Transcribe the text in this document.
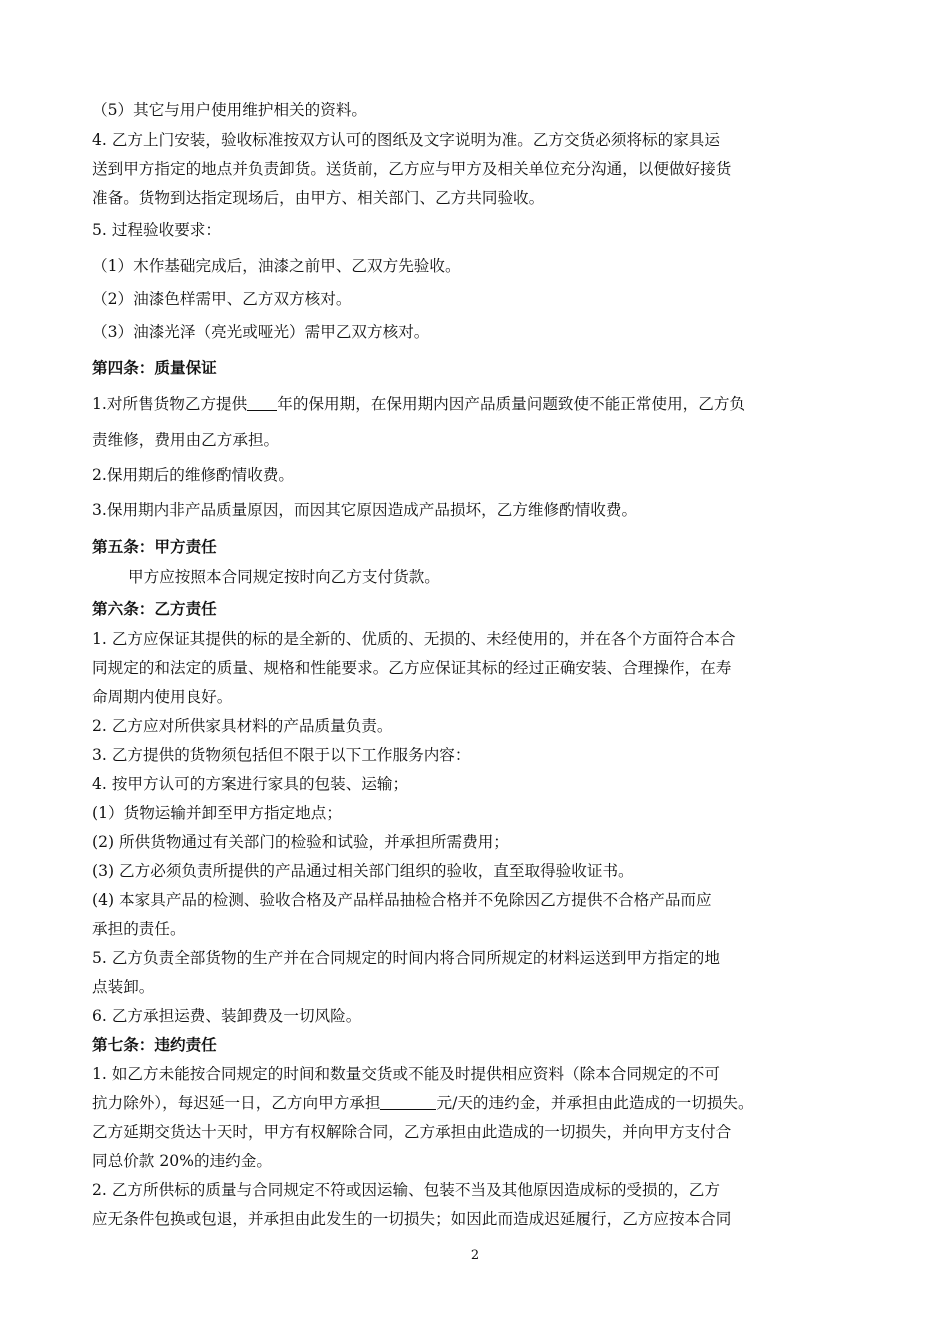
（5）其它与用户使用维护相关的资料。
4. 乙方上门安装，验收标准按双方认可的图纸及文字说明为准。乙方交货必须将标的家具运
送到甲方指定的地点并负责卸货。送货前，乙方应与甲方及相关单位充分沟通，以便做好接货
准备。货物到达指定现场后，由甲方、相关部门、乙方共同验收。
5. 过程验收要求：
（1）木作基础完成后，油漆之前甲、乙双方先验收。
（2）油漆色样需甲、乙方双方核对。
（3）油漆光泽（亮光或哑光）需甲乙双方核对。
第四条：质量保证
1.对所售货物乙方提供 年的保用期，在保用期内因产品质量问题致使不能正常使用，乙方负
责维修，费用由乙方承担。
2.保用期后的维修酌情收费。
3.保用期内非产品质量原因，而因其它原因造成产品损坏，乙方维修酌情收费。
第五条：甲方责任
甲方应按照本合同规定按时向乙方支付货款。
第六条：乙方责任
1. 乙方应保证其提供的标的是全新的、优质的、无损的、未经使用的，并在各个方面符合本合
同规定的和法定的质量、规格和性能要求。乙方应保证其标的经过正确安装、合理操作，在寿
命周期内使用良好。
2. 乙方应对所供家具材料的产品质量负责。
3. 乙方提供的货物须包括但不限于以下工作服务内容：
4. 按甲方认可的方案进行家具的包装、运输；
(1）货物运输并卸至甲方指定地点；
(2) 所供货物通过有关部门的检验和试验，并承担所需费用；
(3) 乙方必须负责所提供的产品通过相关部门组织的验收，直至取得验收证书。
(4) 本家具产品的检测、验收合格及产品样品抽检合格并不免除因乙方提供不合格产品而应
承担的责任。
5. 乙方负责全部货物的生产并在合同规定的时间内将合同所规定的材料运送到甲方指定的地
点装卸。
6. 乙方承担运费、装卸费及一切风险。
第七条：违约责任
1. 如乙方未能按合同规定的时间和数量交货或不能及时提供相应资料（除本合同规定的不可
抗力除外），每迟延一日，乙方向甲方承担	元/天的违约金，并承担由此造成的一切损失。
乙方延期交货达十天时，甲方有权解除合同，乙方承担由此造成的一切损失，并向甲方支付合
同总价款 20%的违约金。
2. 乙方所供标的质量与合同规定不符或因运输、包装不当及其他原因造成标的受损的，乙方
应无条件包换或包退，并承担由此发生的一切损失；如因此而造成迟延履行，乙方应按本合同
2
